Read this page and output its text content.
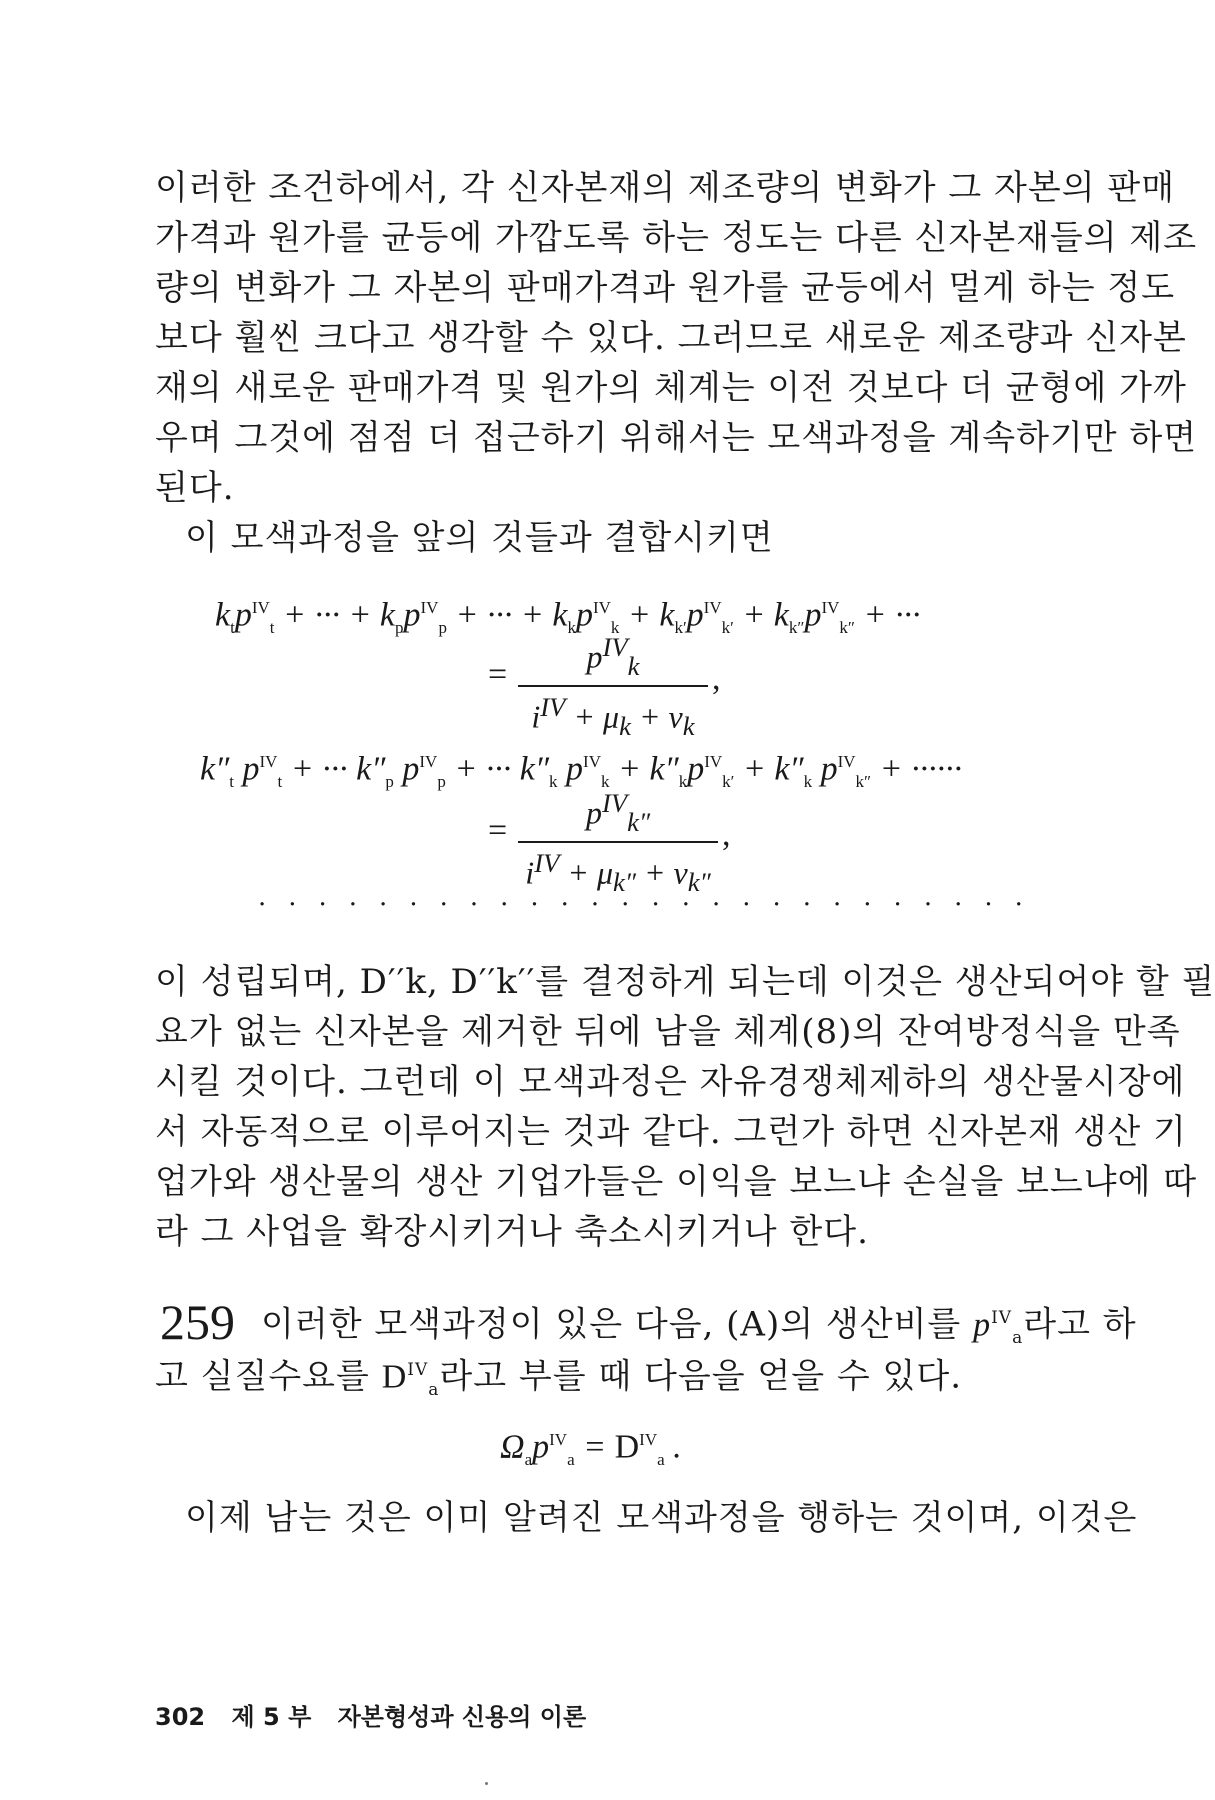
이러한 조건하에서, 각 신자본재의 제조량의 변화가 그 자본의 판매
가격과 원가를 균등에 가깝도록 하는 정도는 다른 신자본재들의 제조
량의 변화가 그 자본의 판매가격과 원가를 균등에서 멀게 하는 정도
보다 훨씬 크다고 생각할 수 있다. 그러므로 새로운 제조량과 신자본
재의 새로운 판매가격 및 원가의 체계는 이전 것보다 더 균형에 가까
우며 그것에 점점 더 접근하기 위해서는 모색과정을 계속하기만 하면
된다.
이 모색과정을 앞의 것들과 결합시키면
$k_tp^{IV}_t$ + ··· + $k_pp^{IV}_p$ + ··· + $k_kp^{IV}_k + k_{k'}p^{IV}_{k'} + k_{k''}p^{IV}_{k''}$ + ···
=	$p^{IV}_k$
$i^{IV} + \mu_k + \nu_k$
,
$k''_t$ $p^{IV}_t$ + ··· $k''_p$ $p^{IV}_p$ + ··· $k''_k$ $p^{IV}_k + k''_kp^{IV}_{k'} + k''_k$ $p^{IV}_{k''}$ + ······
=	$p^{IV}_{k''}$
$i^{IV} + \mu_{k''} + \nu_{k''}$
,
··························
이 성립되며, D′′k, D′′k′′를 결정하게 되는데 이것은 생산되어야 할 필
요가 없는 신자본을 제거한 뒤에 남을 체계(8)의 잔여방정식을 만족
시킬 것이다. 그런데 이 모색과정은 자유경쟁체제하의 생산물시장에
서 자동적으로 이루어지는 것과 같다. 그런가 하면 신자본재 생산 기
업가와 생산물의 생산 기업가들은 이익을 보느냐 손실을 보느냐에 따
라 그 사업을 확장시키거나 축소시키거나 한다.
259 이러한 모색과정이 있은 다음, (A)의 생산비를 $p^{IV}_a$라고 하
고 실질수요를 $D^{IV}_a$라고 부를 때 다음을 얻을 수 있다.
$\Omega_ap^{IV}_a = D^{IV}_a$ .
이제 남는 것은 이미 알려진 모색과정을 행하는 것이며, 이것은
302 제 5 부 자본형성과 신용의 이론
